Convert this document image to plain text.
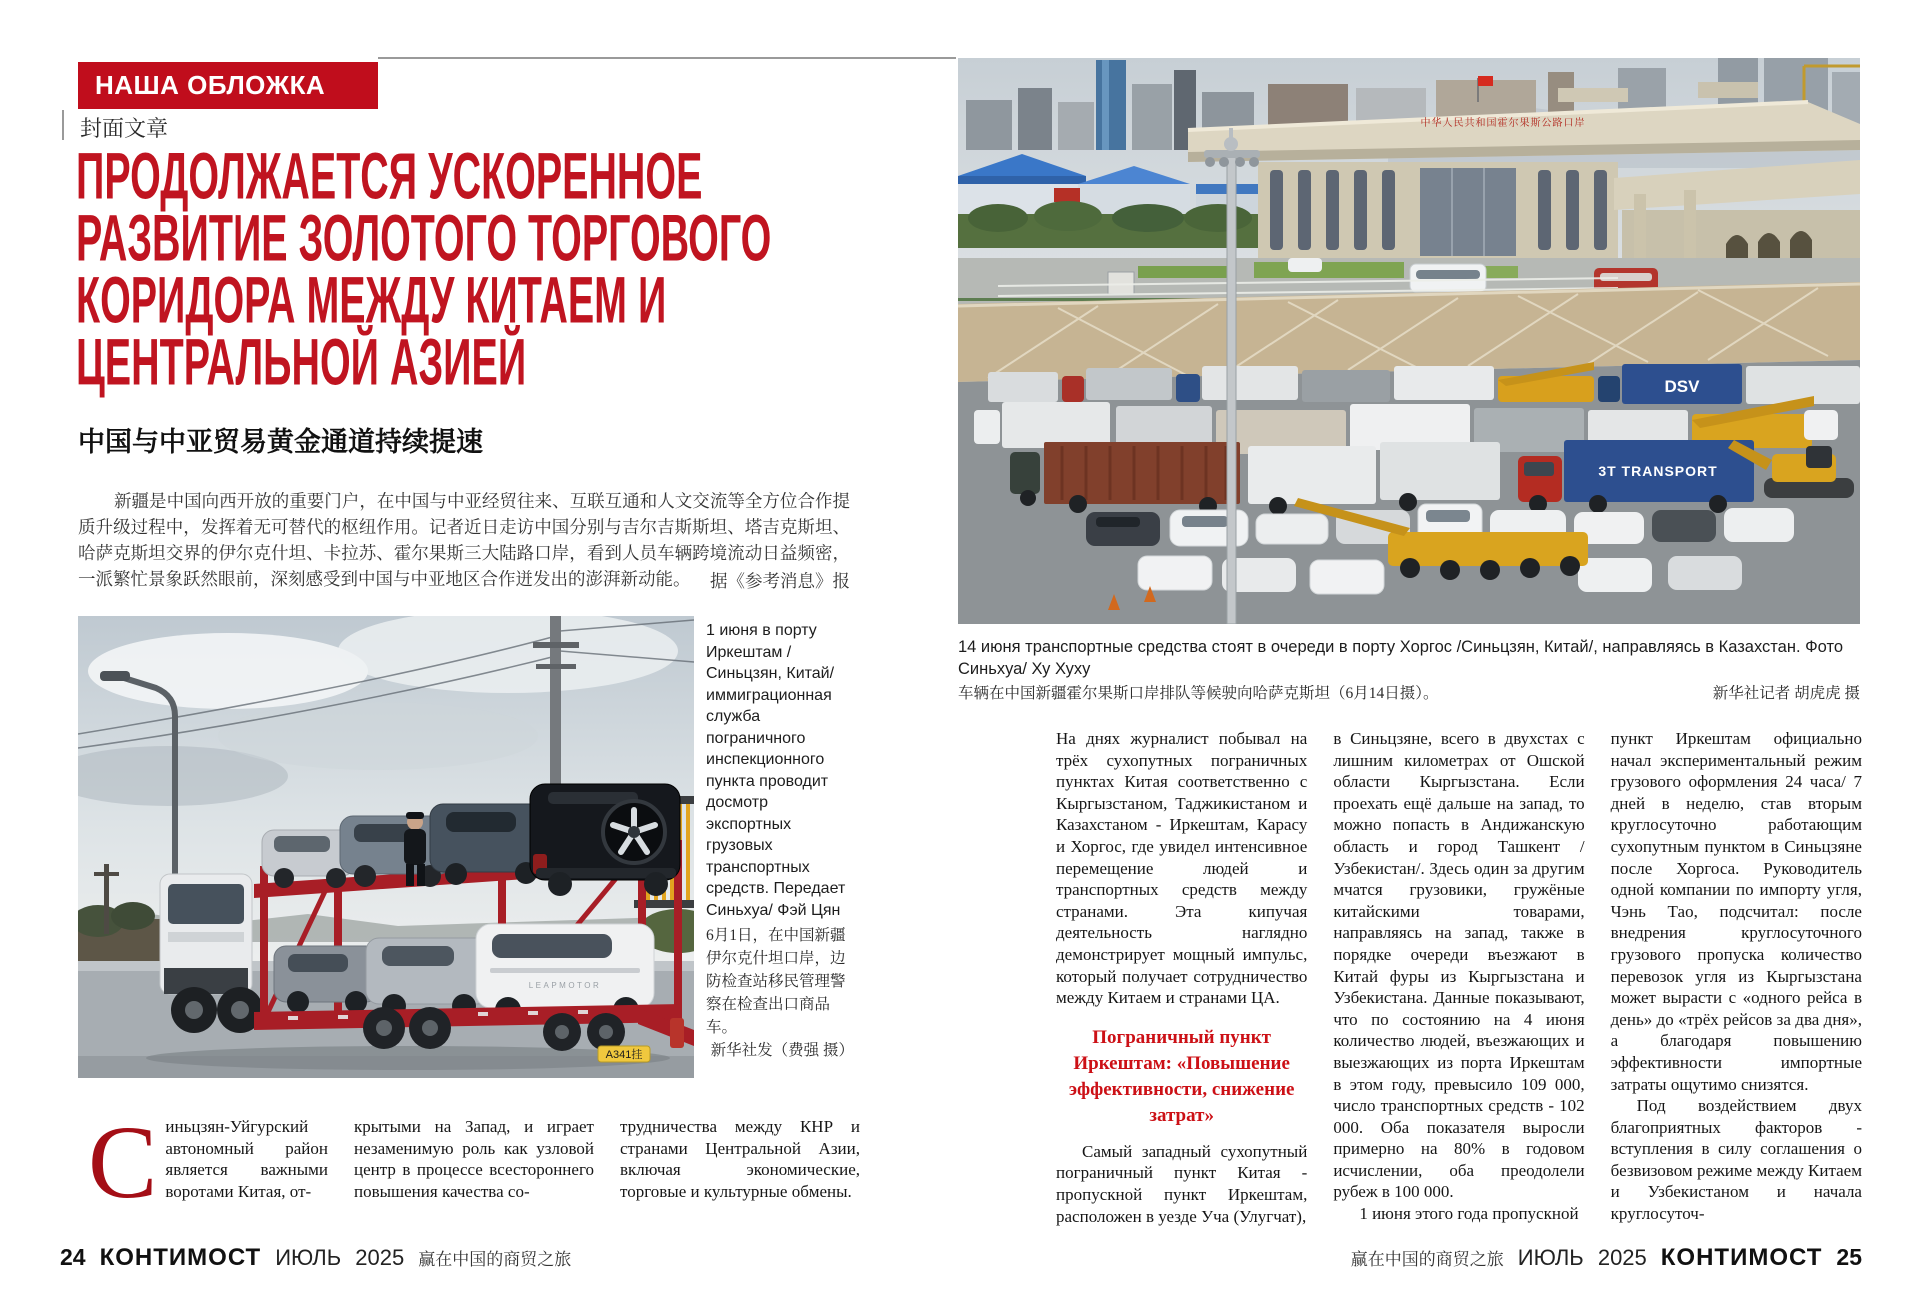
НАША ОБЛОЖКА
封面文章
ПРОДОЛЖАЕТСЯ УСКОРЕННОЕ
РАЗВИТИЕ ЗОЛОТОГО ТОРГОВОГО
КОРИДОРА МЕЖДУ КИТАЕМ И
ЦЕНТРАЛЬНОЙ АЗИЕЙ
中国与中亚贸易黄金通道持续提速
新疆是中国向西开放的重要门户，在中国与中亚经贸往来、互联互通和人文交流等全方位合作提质升级过程中，发挥着无可替代的枢纽作用。记者近日走访中国分别与吉尔吉斯斯坦、塔吉克斯坦、哈萨克斯坦交界的伊尔克什坦、卡拉苏、霍尔果斯三大陆路口岸，看到人员车辆跨境流动日益频密，一派繁忙景象跃然眼前，深刻感受到中国与中亚地区合作迸发出的澎湃新动能。 据《参考消息》报
LEAPMOTOR
A341挂
1 июня в порту Иркештам /Синьцзян, Китай/ иммиграционная служба пограничного инспекционного пункта проводит досмотр экспортных грузовых транспортных средств. Передает Синьхуа/ Фэй Цян
6月1日，在中国新疆伊尔克什坦口岸，边防检查站移民管理警察在检查出口商品车。
新华社发（费强 摄）

Синьцзян-Уйгурский автономный район является важными воротами Китая, от-

крытыми на Запад, и играет незаменимую роль как узловой центр в процессе всестороннего повышения качества со-

трудничества между КНР и странами Центральной Азии, включая экономические, торговые и культурные обмены.

24 КОНТИМОСТ ИЮЛЬ 2025 赢在中国的商贸之旅
中华人民共和国霍尔果斯公路口岸
DSV
3T TRANSPORT
14 июня транспортные средства стоят в очереди в порту Хоргос /Синьцзян, Китай/, направляясь в Казахстан. Фото Синьхуа/ Ху Хуху
车辆在中国新疆霍尔果斯口岸排队等候驶向哈萨克斯坦（6月14日摄）。	新华社记者 胡虎虎 摄

На днях журналист побывал на трёх сухопутных пограничных пунктах Китая соответственно с Кыргызстаном, Таджикистаном и Казахстаном - Иркештам, Карасу и Хоргос, где увидел интенсивное перемещение людей и транспортных средств между странами. Эта кипучая деятельность наглядно демонстрирует мощный импульс, который получает сотрудничество между Китаем и странами ЦА.

Пограничный пункт Иркештам: «Повышение эффективности, снижение затрат»

Самый западный сухопутный пограничный пункт Китая - пропускной пункт Иркештам, расположен в уезде Уча (Улугчат),

в Синьцзяне, всего в двухстах с лишним километрах от Ошской области Кыргызстана. Если проехать ещё дальше на запад, то можно попасть в Андижанскую область и город Ташкент /Узбекистан/. Здесь один за другим мчатся грузовики, гружёные китайскими товарами, направляясь на запад, также в порядке очереди въезжают в Китай фуры из Кыргызстана и Узбекистана. Данные показывают, что по состоянию на 4 июня количество людей, въезжающих и выезжающих из порта Иркештам в этом году, превысило 109 000, число транспортных средств - 102 000. Оба показателя выросли примерно на 80% в годовом исчислении, оба преодолели рубеж в 100 000.

1 июня этого года пропускной

пункт Иркештам официально начал экспериментальный режим грузового оформления 24 часа/ 7 дней в неделю, став вторым круглосуточно работающим сухопутным пунктом в Синьцзяне после Хоргоса. Руководитель одной компании по импорту угля, Чэнь Тао, подсчитал: после внедрения круглосуточного грузового пропуска количество перевозок угля из Кыргызстана может вырасти с «одного рейса в день» до «трёх рейсов за два дня», а благодаря повышению эффективности импортные затраты ощутимо снизятся.

Под воздействием двух благоприятных факторов - вступления в силу соглашения о безвизовом режиме между Китаем и Узбекистаном и начала круглосуточ-

赢在中国的商贸之旅 ИЮЛЬ 2025 КОНТИМОСТ 25
